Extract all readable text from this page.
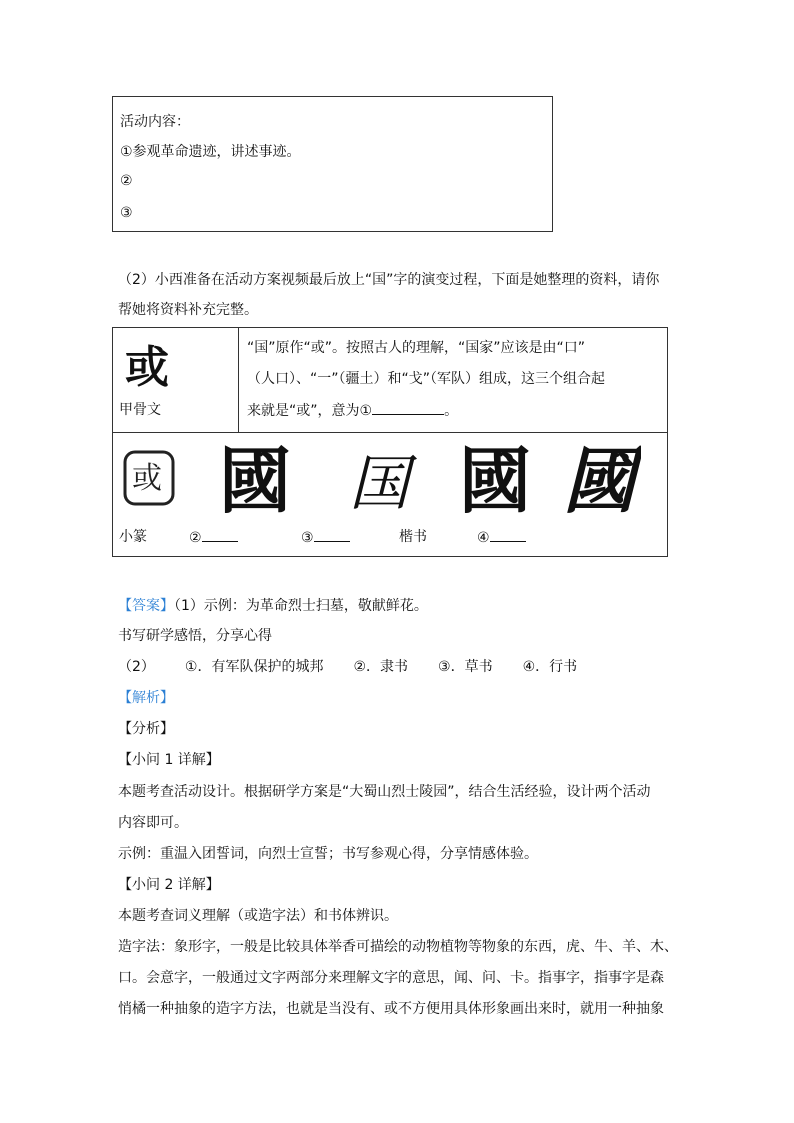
活动内容：
①参观革命遗迹，讲述事迹。
②
③
（2）小西准备在活动方案视频最后放上“国”字的演变过程，下面是她整理的资料，请你
帮她将资料补充完整。
或
甲骨文
“国”原作“或”。按照古人的理解，“国家”应该是由“口”
（人口）、“一”（疆土）和“戈”（军队）组成，这三个组合起
来就是“或”，意为①	。
或 國 国 國 國
小篆	②	③	楷书	④
【答案】（1）示例：为革命烈士扫墓，敬献鲜花。
书写研学感悟，分享心得
（2） ①．有军队保护的城邦 ②．隶书 ③．草书 ④．行书
【解析】
【分析】
【小问 1 详解】
本题考查活动设计。根据研学方案是“大蜀山烈士陵园”，结合生活经验，设计两个活动
内容即可。
示例：重温入团誓词，向烈士宣誓；书写参观心得，分享情感体验。
【小问 2 详解】
本题考查词义理解（或造字法）和书体辨识。
造字法：象形字，一般是比较具体举香可描绘的动物植物等物象的东西，虎、牛、羊、木、
口。会意字，一般通过文字两部分来理解文字的意思，闻、问、卡。指事字，指事字是森
悄橘一种抽象的造字方法，也就是当没有、或不方便用具体形象画出来时，就用一种抽象
